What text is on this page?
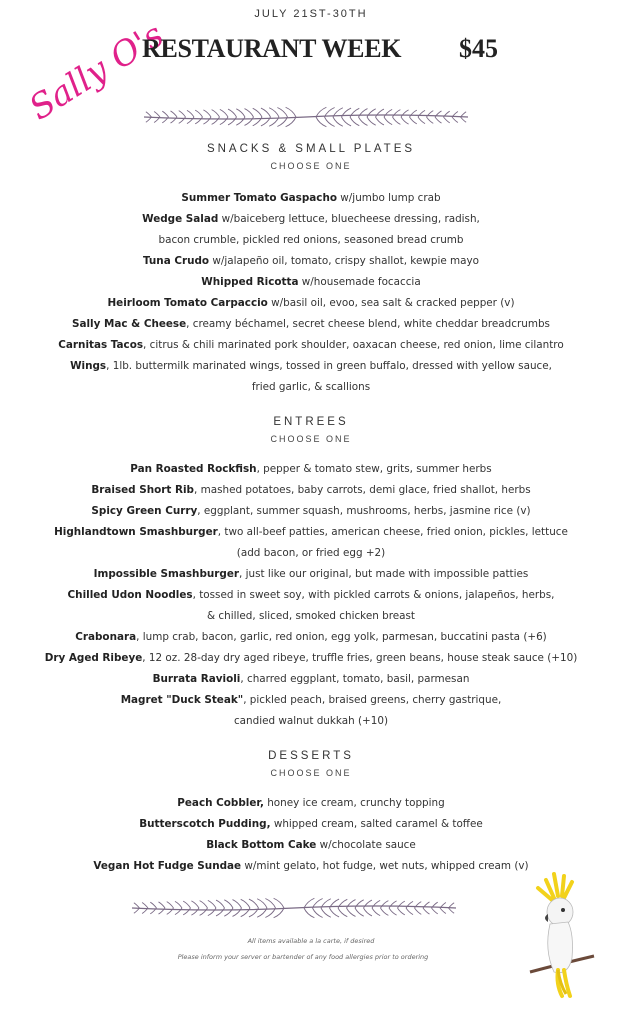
Sally O's
JULY 21ST-30TH
RESTAURANT WEEK $45
SNACKS & SMALL PLATES
CHOOSE ONE
Summer Tomato Gaspacho w/jumbo lump crab
Wedge Salad w/baiceberg lettuce, bluecheese dressing, radish,
bacon crumble, pickled red onions, seasoned bread crumb
Tuna Crudo w/jalapeño oil, tomato, crispy shallot, kewpie mayo
Whipped Ricotta w/housemade focaccia
Heirloom Tomato Carpaccio w/basil oil, evoo, sea salt & cracked pepper (v)
Sally Mac & Cheese, creamy béchamel, secret cheese blend, white cheddar breadcrumbs
Carnitas Tacos, citrus & chili marinated pork shoulder, oaxacan cheese, red onion, lime cilantro
Wings, 1lb. buttermilk marinated wings, tossed in green buffalo, dressed with yellow sauce,
fried garlic, & scallions
ENTREES
CHOOSE ONE
Pan Roasted Rockfish, pepper & tomato stew, grits, summer herbs
Braised Short Rib, mashed potatoes, baby carrots, demi glace, fried shallot, herbs
Spicy Green Curry, eggplant, summer squash, mushrooms, herbs, jasmine rice (v)
Highlandtown Smashburger, two all-beef patties, american cheese, fried onion, pickles, lettuce
(add bacon, or fried egg +2)
Impossible Smashburger, just like our original, but made with impossible patties
Chilled Udon Noodles, tossed in sweet soy, with pickled carrots & onions, jalapeños, herbs,
& chilled, sliced, smoked chicken breast
Crabonara, lump crab, bacon, garlic, red onion, egg yolk, parmesan, buccatini pasta (+6)
Dry Aged Ribeye, 12 oz. 28-day dry aged ribeye, truffle fries, green beans, house steak sauce (+10)
Burrata Ravioli, charred eggplant, tomato, basil, parmesan
Magret "Duck Steak", pickled peach, braised greens, cherry gastrique,
candied walnut dukkah (+10)
DESSERTS
CHOOSE ONE
Peach Cobbler, honey ice cream, crunchy topping
Butterscotch Pudding, whipped cream, salted caramel & toffee
Black Bottom Cake w/chocolate sauce
Vegan Hot Fudge Sundae w/mint gelato, hot fudge, wet nuts, whipped cream (v)
All items available a la carte, if desired
Please inform your server or bartender of any food allergies prior to ordering
